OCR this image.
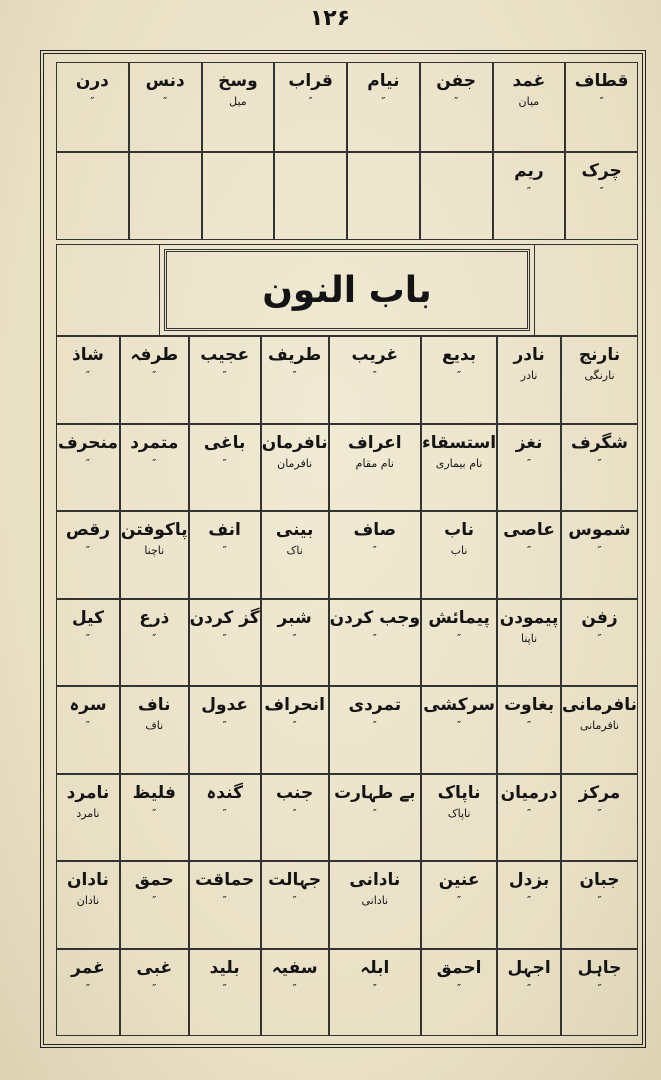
۱۲۶
قطاف
″
غمد
میان
جفن
″
نیام
″
قراب
″
وسخ
میل
دنس
″
درن
″
چرک
″
ریم
″
باب النون
نارنج
نارنگی
نادر
نادر
بدیع
″
غریب
″
طریف
″
عجیب
″
طرفہ
″
شاذ
″
شگرف
″
نغز
″
استسقاء
نام بیماری
اعراف
نام مقام
نافرمان
نافرمان
باغی
″
متمرد
″
منحرف
″
شموس
″
عاصی
″
ناب
ناب
صاف
″
بینی
ناک
انف
″
پاکوفتن
ناچنا
رقص
″
زفن
″
پیمودن
ناپنا
پیمائش
″
وجب کردن
″
شبر
″
گز کردن
″
ذرع
″
کیل
″
نافرمانی
نافرمانی
بغاوت
″
سرکشی
″
تمردی
″
انحراف
″
عدول
″
ناف
ناف
سرہ
″
مرکز
″
درمیان
″
ناپاک
ناپاک
بے طہارت
″
جنب
″
گندہ
″
فلیظ
″
نامرد
نامرد
جبان
″
بزدل
″
عنین
″
نادانی
نادانی
جہالت
″
حماقت
″
حمق
″
نادان
نادان
جاہل
″
اجہل
″
احمق
″
ابلہ
″
سفیہ
″
بلید
″
غبی
″
غمر
″
